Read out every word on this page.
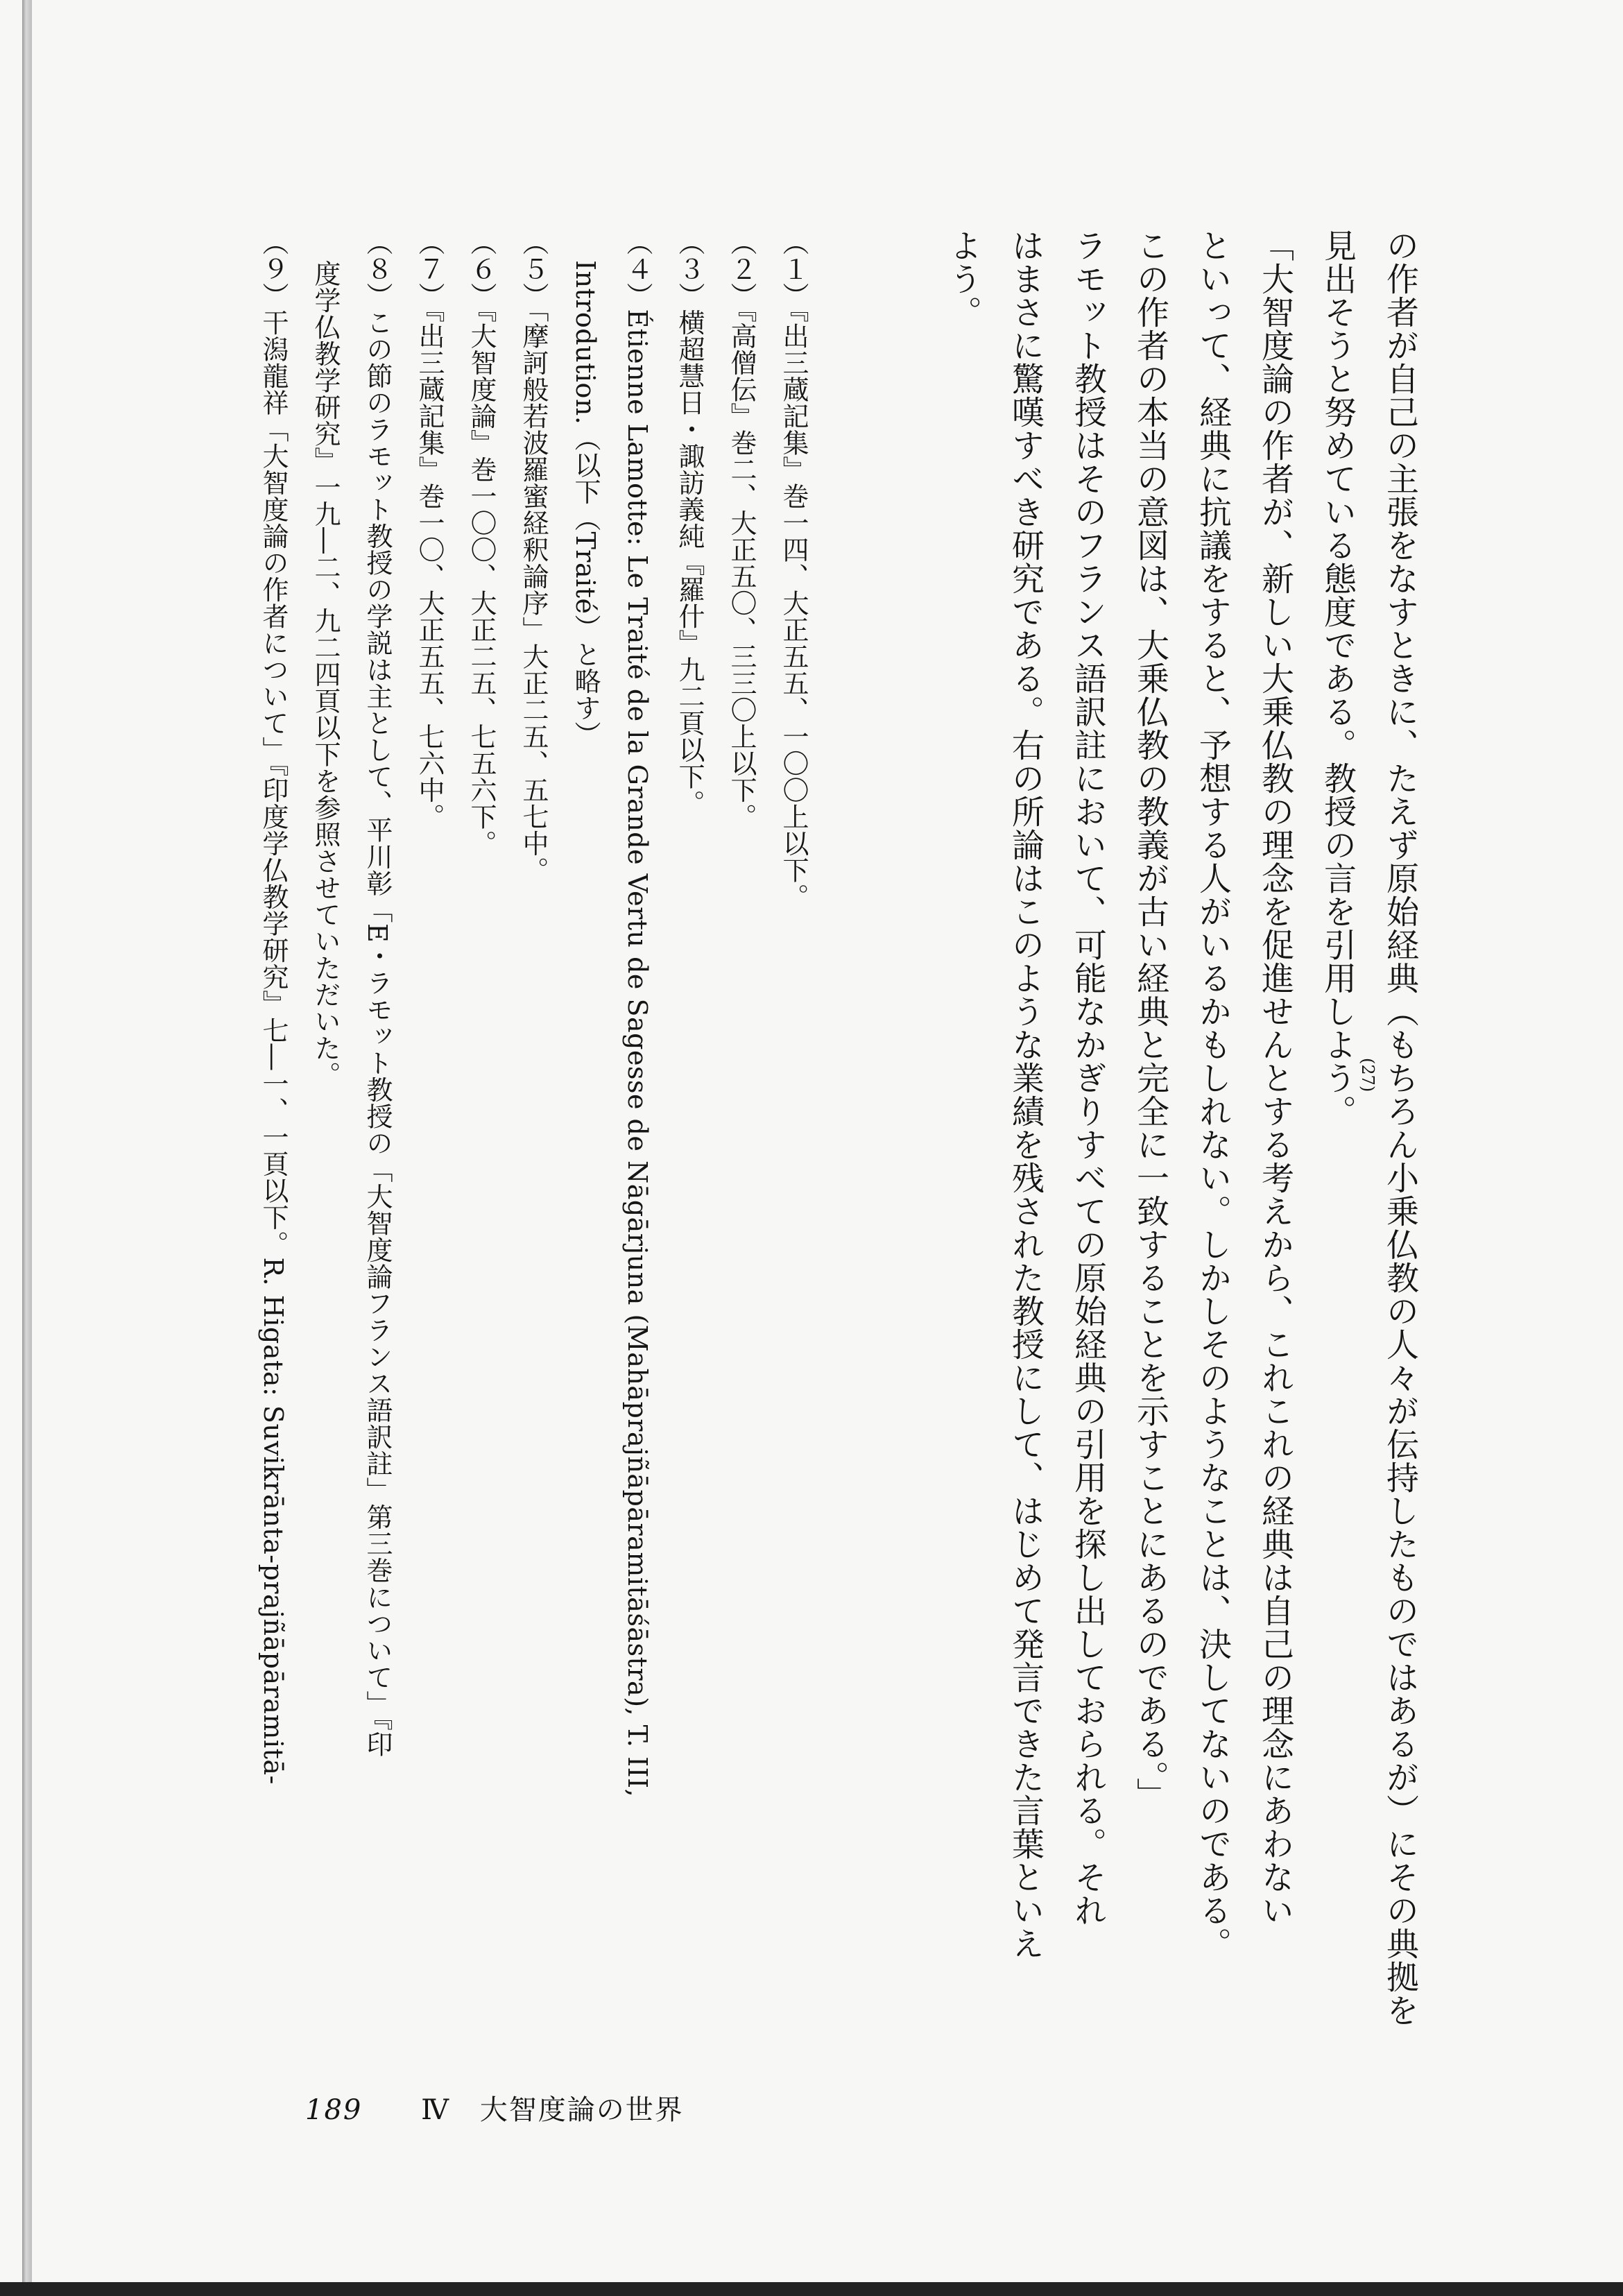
の作者が自己の主張をなすときに、たえず原始経典（もちろん小乗仏教の人々が伝持したものではあるが）にその典拠を
見出そうと努めている態度である。教授の言を引用しよう。
「大智度論の作者が、新しい大乗仏教の理念を促進せんとする考えから、これこれの経典は自己の理念にあわない
といって、経典に抗議をすると、予想する人がいるかもしれない。しかしそのようなことは、決してないのである。
この作者の本当の意図は、大乗仏教の教義が古い経典と完全に一致することを示すことにあるのである。」
ラモット教授はそのフランス語訳註において、可能なかぎりすべての原始経典の引用を探し出しておられる。それ
はまさに驚嘆すべき研究である。右の所論はこのような業績を残された教授にして、はじめて発言できた言葉といえ
よう。
(27)
（１）『出三蔵記集』巻一四、大正五五、一〇〇上以下。
（２）『高僧伝』巻二、大正五〇、三三〇上以下。
（３）横超慧日・諏訪義純『羅什』九二頁以下。
（４）Étienne Lamotte: Le Traité de la Grande Vertu de Sagesse de Nāgārjuna (Mahāprajñāpāramitāśāstra), T. III,
Introdution.（以下（Traité）と略す）
（５）「摩訶般若波羅蜜経釈論序」大正二五、五七中。
（６）『大智度論』巻一〇〇、大正二五、七五六下。
（７）『出三蔵記集』巻一〇、大正五五、七六中。
（８）この節のラモット教授の学説は主として、平川彰「E・ラモット教授の「大智度論フランス語訳註」第三巻について」『印
度学仏教学研究』一九―二、九二四頁以下を参照させていただいた。
（９）干潟龍祥「大智度論の作者について」『印度学仏教学研究』七―一、一頁以下。R. Higata: Suvikrānta-prajñāpāramitā-
189 Ⅳ 大智度論の世界
